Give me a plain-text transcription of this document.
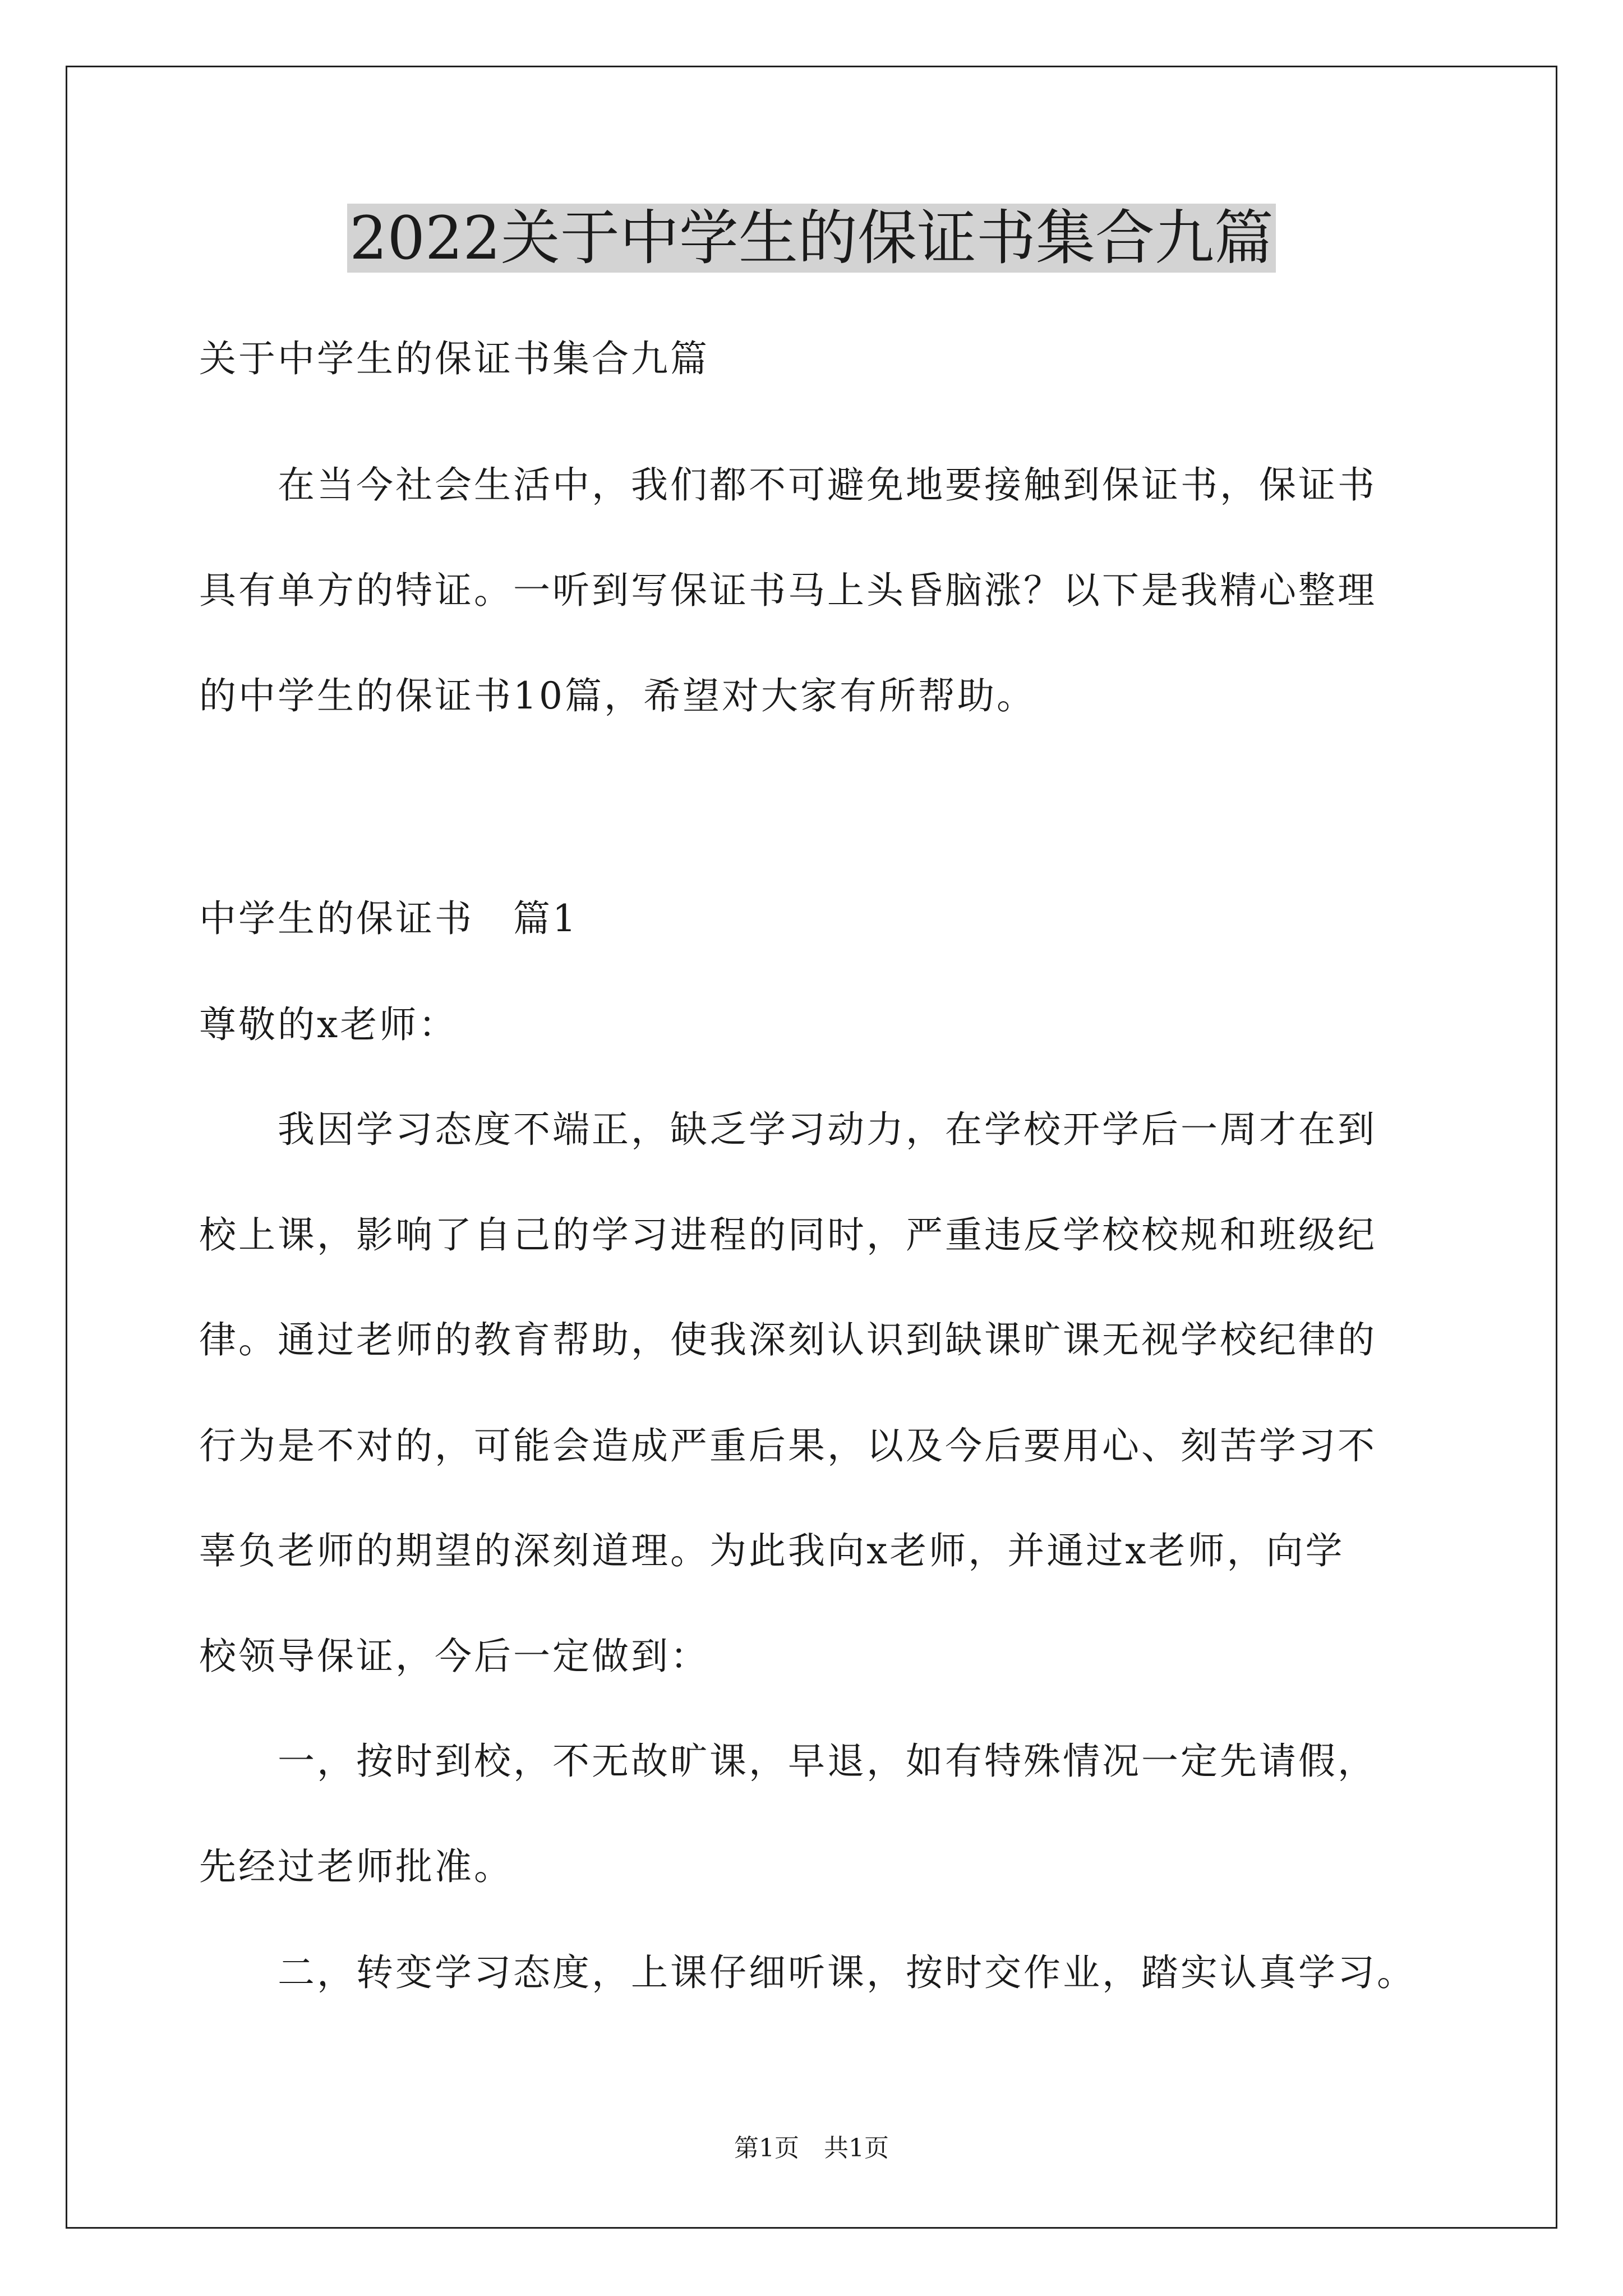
2022关于中学生的保证书集合九篇
关于中学生的保证书集合九篇
　　在当今社会生活中，我们都不可避免地要接触到保证书，保证书
具有单方的特证。一听到写保证书马上头昏脑涨？以下是我精心整理
的中学生的保证书10篇，希望对大家有所帮助。
中学生的保证书　篇1
尊敬的x老师：
　　我因学习态度不端正，缺乏学习动力，在学校开学后一周才在到
校上课，影响了自己的学习进程的同时，严重违反学校校规和班级纪
律。通过老师的教育帮助，使我深刻认识到缺课旷课无视学校纪律的
行为是不对的，可能会造成严重后果，以及今后要用心、刻苦学习不
辜负老师的期望的深刻道理。为此我向x老师，并通过x老师，向学
校领导保证，今后一定做到：
　　一，按时到校，不无故旷课，早退，如有特殊情况一定先请假，
先经过老师批准。
　　二，转变学习态度，上课仔细听课，按时交作业，踏实认真学习。
第1页　共1页
